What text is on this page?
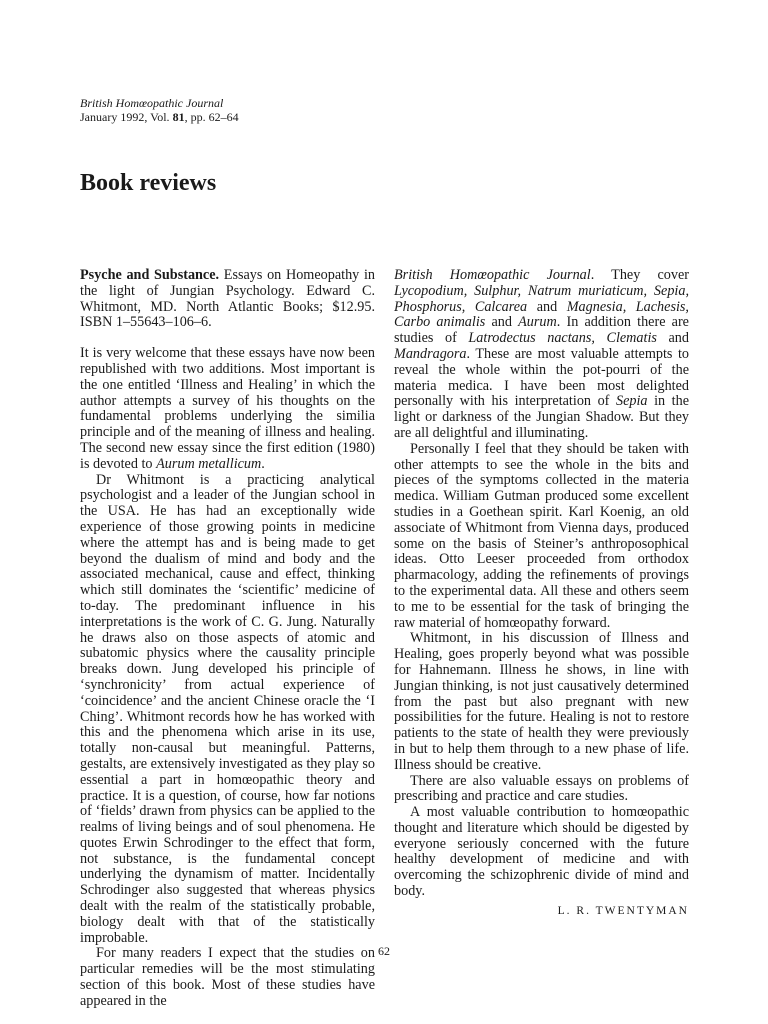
British Homœopathic Journal
January 1992, Vol. 81, pp. 62–64
Book reviews

Psyche and Substance. Essays on Homeopathy in the light of Jungian Psychology. Edward C. Whitmont, MD. North Atlantic Books; $12.95. ISBN 1–55643–106–6.

It is very welcome that these essays have now been republished with two additions. Most important is the one entitled ‘Illness and Healing’ in which the author attempts a survey of his thoughts on the fundamental problems underlying the similia principle and of the meaning of illness and healing. The second new essay since the first edition (1980) is devoted to Aurum metallicum.

Dr Whitmont is a practicing analytical psychologist and a leader of the Jungian school in the USA. He has had an exceptionally wide experience of those growing points in medicine where the attempt has and is being made to get beyond the dualism of mind and body and the associated mechanical, cause and effect, thinking which still dominates the ‘scientific’ medicine of to-day. The predominant influence in his interpretations is the work of C. G. Jung. Naturally he draws also on those aspects of atomic and subatomic physics where the causality principle breaks down. Jung developed his principle of ‘synchronicity’ from actual experience of ‘coincidence’ and the ancient Chinese oracle the ‘I Ching’. Whitmont records how he has worked with this and the phenomena which arise in its use, totally non-causal but meaningful. Patterns, gestalts, are extensively investigated as they play so essential a part in homœopathic theory and practice. It is a question, of course, how far notions of ‘fields’ drawn from physics can be applied to the realms of living beings and of soul phenomena. He quotes Erwin Schrodinger to the effect that form, not substance, is the fundamental concept underlying the dynamism of matter. Incidentally Schrodinger also suggested that whereas physics dealt with the realm of the statistically probable, biology dealt with that of the statistically improbable.

For many readers I expect that the studies on particular remedies will be the most stimulating section of this book. Most of these studies have appeared in the

British Homœopathic Journal. They cover Lycopodium, Sulphur, Natrum muriaticum, Sepia, Phosphorus, Calcarea and Magnesia, Lachesis, Carbo animalis and Aurum. In addition there are studies of Latrodectus nactans, Clematis and Mandragora. These are most valuable attempts to reveal the whole within the pot-pourri of the materia medica. I have been most delighted personally with his interpretation of Sepia in the light or darkness of the Jungian Shadow. But they are all delightful and illuminating.

Personally I feel that they should be taken with other attempts to see the whole in the bits and pieces of the symptoms collected in the materia medica. William Gutman produced some excellent studies in a Goethean spirit. Karl Koenig, an old associate of Whitmont from Vienna days, produced some on the basis of Steiner’s anthroposophical ideas. Otto Leeser proceeded from orthodox pharmacology, adding the refinements of provings to the experimental data. All these and others seem to me to be essential for the task of bringing the raw material of homœopathy forward.

Whitmont, in his discussion of Illness and Healing, goes properly beyond what was possible for Hahnemann. Illness he shows, in line with Jungian thinking, is not just causatively determined from the past but also pregnant with new possibilities for the future. Healing is not to restore patients to the state of health they were previously in but to help them through to a new phase of life. Illness should be creative.

There are also valuable essays on problems of prescribing and practice and care studies.

A most valuable contribution to homœopathic thought and literature which should be digested by everyone seriously concerned with the future healthy development of medicine and with overcoming the schizophrenic divide of mind and body.

L. R. TWENTYMAN

62
